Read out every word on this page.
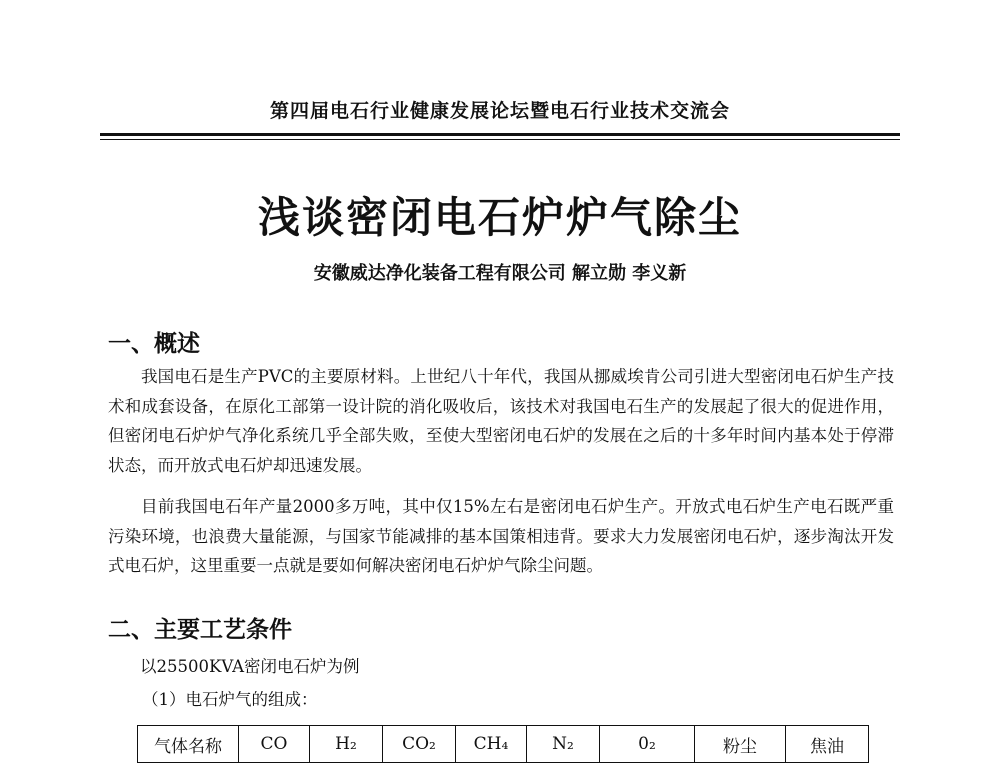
第四届电石行业健康发展论坛暨电石行业技术交流会
浅谈密闭电石炉炉气除尘
安徽威达净化装备工程有限公司 解立勋 李义新
一、概述

我国电石是生产PVC的主要原材料。上世纪八十年代，我国从挪威埃肯公司引进大型密闭电石炉生产技术和成套设备，在原化工部第一设计院的消化吸收后，该技术对我国电石生产的发展起了很大的促进作用，但密闭电石炉炉气净化系统几乎全部失败，至使大型密闭电石炉的发展在之后的十多年时间内基本处于停滞状态，而开放式电石炉却迅速发展。

目前我国电石年产量2000多万吨，其中仅15%左右是密闭电石炉生产。开放式电石炉生产电石既严重污染环境，也浪费大量能源，与国家节能减排的基本国策相违背。要求大力发展密闭电石炉，逐步淘汰开发式电石炉，这里重要一点就是要如何解决密闭电石炉炉气除尘问题。

二、主要工艺条件
以25500KVA密闭电石炉为例
（1）电石炉气的组成：
气体名称	CO	H₂	CO₂	CH₄	N₂	0₂	粉尘	焦油
